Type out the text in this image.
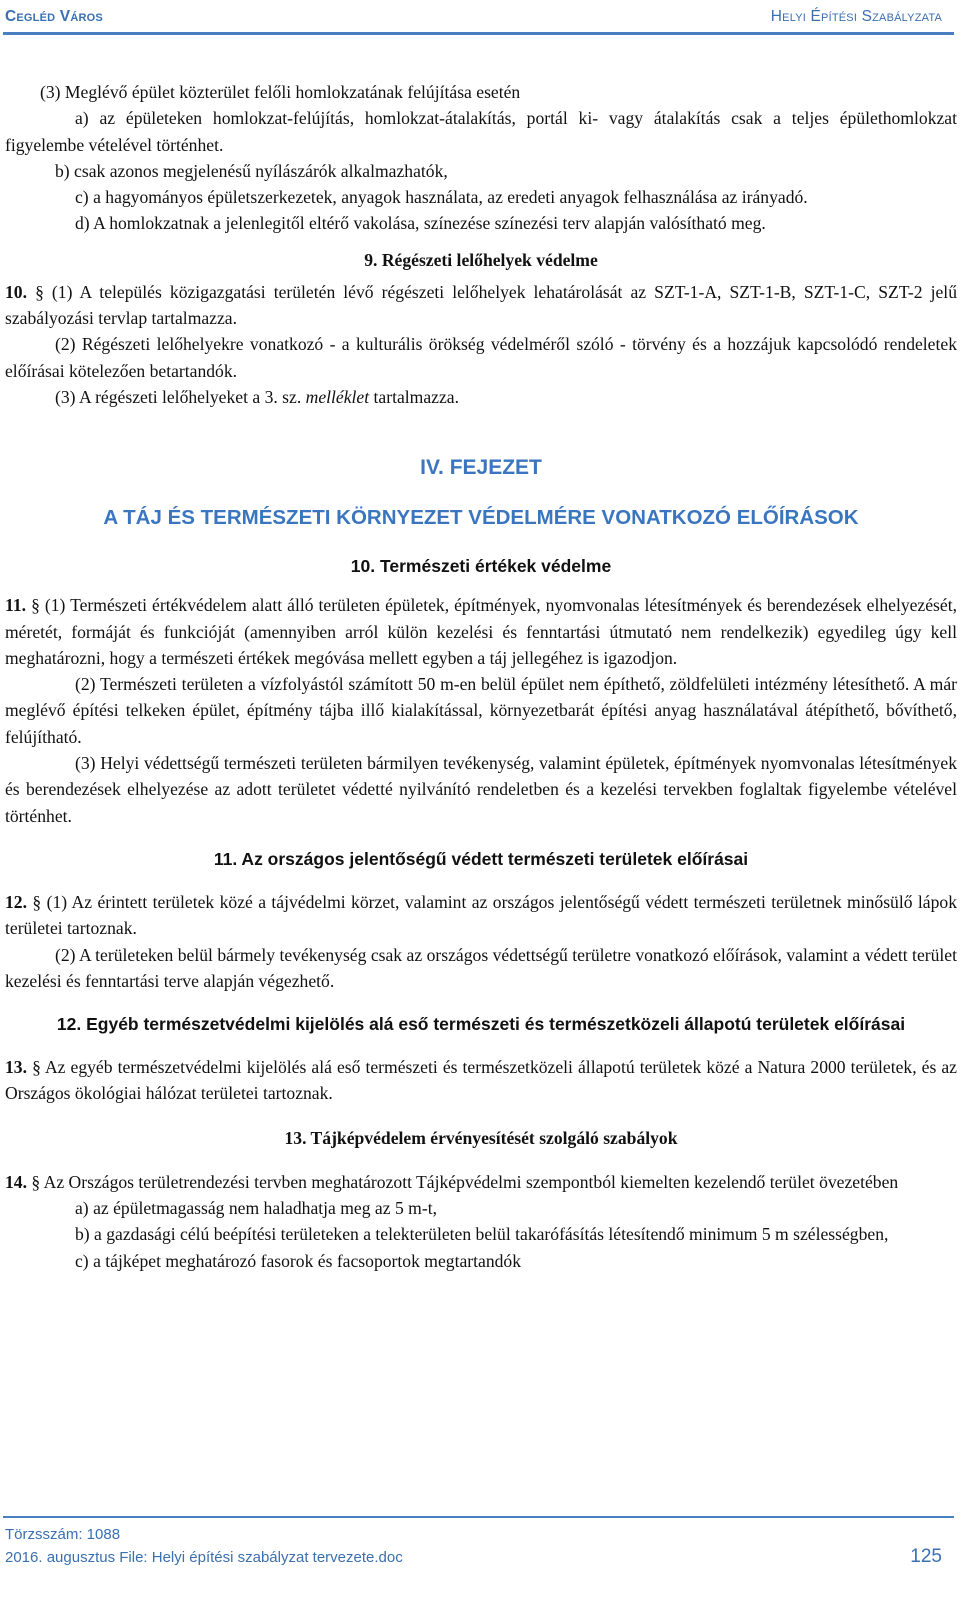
Cegléd Város	Helyi Építési Szabályzata

(3) Meglévő épület közterület felőli homlokzatának felújítása esetén

a) az épületeken homlokzat-felújítás, homlokzat-átalakítás, portál ki- vagy átalakítás csak a teljes épülethomlokzat figyelembe vételével történhet.

b) csak azonos megjelenésű nyílászárók alkalmazhatók,

c) a hagyományos épületszerkezetek, anyagok használata, az eredeti anyagok felhasználása az irányadó.

d) A homlokzatnak a jelenlegitől eltérő vakolása, színezése színezési terv alapján valósítható meg.

9. Régészeti lelőhelyek védelme

10. § (1) A település közigazgatási területén lévő régészeti lelőhelyek lehatárolását az SZT-1-A, SZT-1-B, SZT-1-C, SZT-2 jelű szabályozási tervlap tartalmazza.

(2) Régészeti lelőhelyekre vonatkozó - a kulturális örökség védelméről szóló - törvény és a hozzájuk kapcsolódó rendeletek előírásai kötelezően betartandók.

(3) A régészeti lelőhelyeket a 3. sz. melléklet tartalmazza.

IV. FEJEZET

A TÁJ ÉS TERMÉSZETI KÖRNYEZET VÉDELMÉRE VONATKOZÓ ELŐÍRÁSOK

10. Természeti értékek védelme

11. § (1) Természeti értékvédelem alatt álló területen épületek, építmények, nyomvonalas létesítmények és berendezések elhelyezését, méretét, formáját és funkcióját (amennyiben arról külön kezelési és fenntartási útmutató nem rendelkezik) egyedileg úgy kell meghatározni, hogy a természeti értékek megóvása mellett egyben a táj jellegéhez is igazodjon.

(2) Természeti területen a vízfolyástól számított 50 m-en belül épület nem építhető, zöldfelületi intézmény létesíthető. A már meglévő építési telkeken épület, építmény tájba illő kialakítással, környezetbarát építési anyag használatával átépíthető, bővíthető, felújítható.

(3) Helyi védettségű természeti területen bármilyen tevékenység, valamint épületek, építmények nyomvonalas létesítmények és berendezések elhelyezése az adott területet védetté nyilvánító rendeletben és a kezelési tervekben foglaltak figyelembe vételével történhet.

11. Az országos jelentőségű védett természeti területek előírásai

12. § (1) Az érintett területek közé a tájvédelmi körzet, valamint az országos jelentőségű védett természeti területnek minősülő lápok területei tartoznak.

(2) A területeken belül bármely tevékenység csak az országos védettségű területre vonatkozó előírások, valamint a védett terület kezelési és fenntartási terve alapján végezhető.

12. Egyéb természetvédelmi kijelölés alá eső természeti és természetközeli állapotú területek előírásai

13. § Az egyéb természetvédelmi kijelölés alá eső természeti és természetközeli állapotú területek közé a Natura 2000 területek, és az Országos ökológiai hálózat területei tartoznak.

13. Tájképvédelem érvényesítését szolgáló szabályok

14. § Az Országos területrendezési tervben meghatározott Tájképvédelmi szempontból kiemelten kezelendő terület övezetében

a) az épületmagasság nem haladhatja meg az 5 m-t,

b) a gazdasági célú beépítési területeken a telekterületen belül takarófásítás létesítendő minimum 5 m szélességben,

c) a tájképet meghatározó fasorok és facsoportok megtartandók

Törzsszám: 1088
2016. augusztus File: Helyi építési szabályzat tervezete.doc	125
